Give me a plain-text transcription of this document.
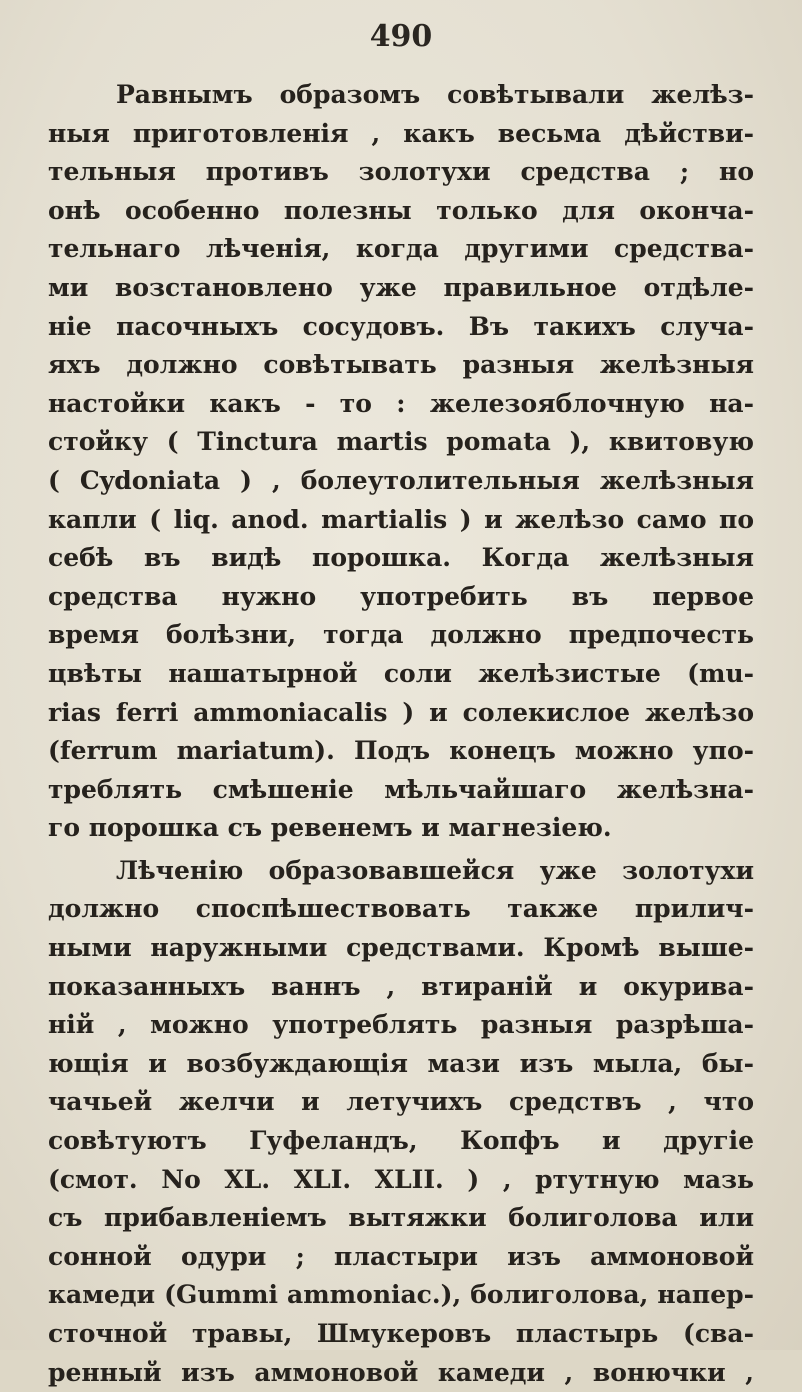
490
Равнымъ образомъ совѣтывали желѣз-
ныя приготовленія , какъ весьма дѣйстви-
тельныя противъ золотухи средства ; но
онѣ особенно полезны только для оконча-
тельнаго лѣченія, когда другими средства-
ми возстановлено уже правильное отдѣле-
ніе пасочныхъ сосудовъ. Въ такихъ случа-
яхъ должно совѣтывать разныя желѣзныя
настойки какъ - то : железояблочную на-
стойку ( Tinctura martis pomata ), квитовую
( Cydoniata ) , болеутолительныя желѣзныя
капли ( liq. anod. martialis ) и желѣзо само по
себѣ въ видѣ порошка. Когда желѣзныя
средства нужно употребить въ первое
время болѣзни, тогда должно предпочесть
цвѣты нашатырной соли желѣзистые (mu-
rias ferri ammoniacalis ) и солекислое желѣзо
(ferrum mariatum). Подъ конецъ можно упо-
треблять смѣшеніе мѣльчайшаго желѣзна-
го порошка съ ревенемъ и магнезіею.
Лѣченію образовавшейся уже золотухи
должно споспѣшествовать также прилич-
ными наружными средствами. Кромѣ выше-
показанныхъ ваннъ , втираній и окурива-
ній , можно употреблять разныя разрѣша-
ющія и возбуждающія мази изъ мыла, бы-
чачьей желчи и летучихъ средствъ , что
совѣтуютъ Гуфеландъ, Копфъ и другіе
(смот. No XL. XLI. XLII. ) , ртутную мазь
съ прибавленіемъ вытяжки болиголова или
сонной одури ; пластыри изъ аммоновой
камеди (Gummi ammoniac.), болиголова, напер-
сточной травы, Шмукеровъ пластырь (сва-
ренный изъ аммоновой камеди , вонючки ,
